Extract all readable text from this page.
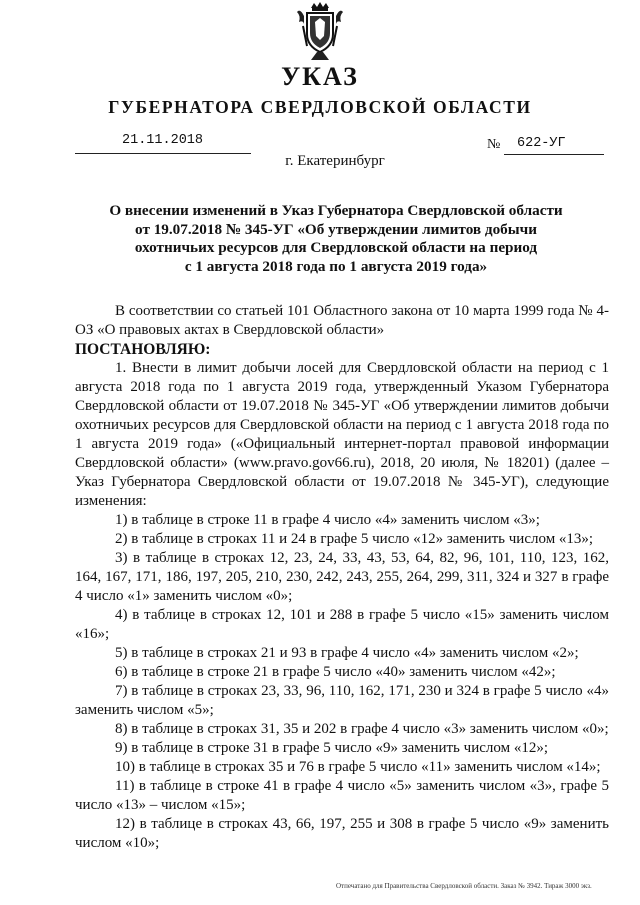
УКАЗ
ГУБЕРНАТОРА СВЕРДЛОВСКОЙ ОБЛАСТИ
21.11.2018	№ 622-УГ
г. Екатеринбург
О внесении изменений в Указ Губернатора Свердловской области
от 19.07.2018 № 345-УГ «Об утверждении лимитов добычи
охотничьих ресурсов для Свердловской области на период
с 1 августа 2018 года по 1 августа 2019 года»

В соответствии со статьей 101 Областного закона от 10 марта 1999 года № 4-ОЗ «О правовых актах в Свердловской области»

ПОСТАНОВЛЯЮ:

1. Внести в лимит добычи лосей для Свердловской области на период с 1 августа 2018 года по 1 августа 2019 года, утвержденный Указом Губернатора Свердловской области от 19.07.2018 № 345-УГ «Об утверждении лимитов добычи охотничьих ресурсов для Свердловской области на период с 1 августа 2018 года по 1 августа 2019 года» («Официальный интернет-портал правовой информации Свердловской области» (www.pravo.gov66.ru), 2018, 20 июля, № 18201) (далее – Указ Губернатора Свердловской области от 19.07.2018 № 345-УГ), следующие изменения:

1) в таблице в строке 11 в графе 4 число «4» заменить числом «3»;

2) в таблице в строках 11 и 24 в графе 5 число «12» заменить числом «13»;

3) в таблице в строках 12, 23, 24, 33, 43, 53, 64, 82, 96, 101, 110, 123, 162, 164, 167, 171, 186, 197, 205, 210, 230, 242, 243, 255, 264, 299, 311, 324 и 327 в графе 4 число «1» заменить числом «0»;

4) в таблице в строках 12, 101 и 288 в графе 5 число «15» заменить числом «16»;

5) в таблице в строках 21 и 93 в графе 4 число «4» заменить числом «2»;

6) в таблице в строке 21 в графе 5 число «40» заменить числом «42»;

7) в таблице в строках 23, 33, 96, 110, 162, 171, 230 и 324 в графе 5 число «4» заменить числом «5»;

8) в таблице в строках 31, 35 и 202 в графе 4 число «3» заменить числом «0»;

9) в таблице в строке 31 в графе 5 число «9» заменить числом «12»;

10) в таблице в строках 35 и 76 в графе 5 число «11» заменить числом «14»;

11) в таблице в строке 41 в графе 4 число «5» заменить числом «3», графе 5 число «13» – числом «15»;

12) в таблице в строках 43, 66, 197, 255 и 308 в графе 5 число «9» заменить числом «10»;

Отпечатано для Правительства Свердловской области. Заказ № 3942. Тираж 3000 экз.
